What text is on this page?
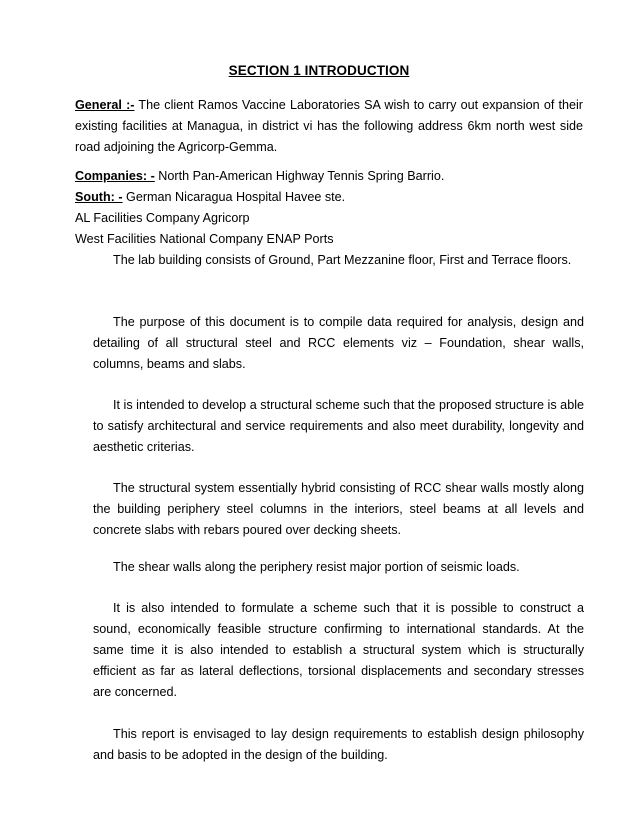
SECTION 1 INTRODUCTION
General :- The client Ramos Vaccine Laboratories SA wish to carry out expansion of their existing facilities at Managua, in district vi has the following address 6km north west side road adjoining the Agricorp-Gemma.
Companies: - North Pan-American Highway Tennis Spring Barrio.
South: - German Nicaragua Hospital Havee ste.
AL Facilities Company Agricorp
West Facilities National Company ENAP Ports
The lab building consists of Ground, Part Mezzanine floor, First and Terrace floors.
The purpose of this document is to compile data required for analysis, design and detailing of all structural steel and RCC elements viz – Foundation, shear walls, columns, beams and slabs.
It is intended to develop a structural scheme such that the proposed structure is able to satisfy architectural and service requirements and also meet durability, longevity and aesthetic criterias.
The structural system essentially hybrid consisting of RCC shear walls mostly along the building periphery steel columns in the interiors, steel beams at all levels and concrete slabs with rebars poured over decking sheets.
The shear walls along the periphery resist major portion of seismic loads.
It is also intended to formulate a scheme such that it is possible to construct a sound, economically feasible structure confirming to international standards. At the same time it is also intended to establish a structural system which is structurally efficient as far as lateral deflections, torsional displacements and secondary stresses are concerned.
This report is envisaged to lay design requirements to establish design philosophy and basis to be adopted in the design of the building.
